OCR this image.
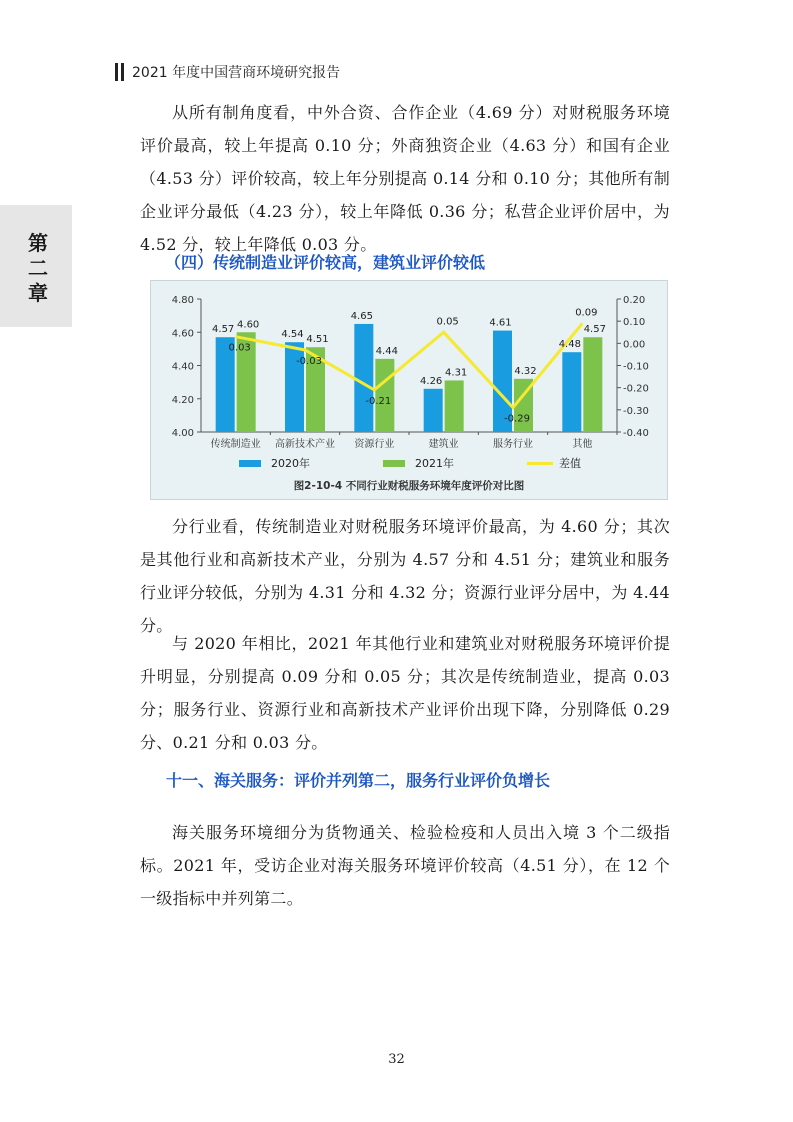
2021 年度中国营商环境研究报告
第二章

从所有制角度看，中外合资、合作企业（4.69 分）对财税服务环境评价最高，较上年提高 0.10 分；外商独资企业（4.63 分）和国有企业（4.53 分）评价较高，较上年分别提高 0.14 分和 0.10 分；其他所有制企业评分最低（4.23 分），较上年降低 0.36 分；私营企业评价居中，为 4.52 分，较上年降低 0.03 分。

（四）传统制造业评价较高，建筑业评价较低
4.80
4.60
4.40
4.20
4.00
0.20
0.10
0.00
-0.10
-0.20
-0.30
-0.40
传统制造业 高新技术产业 资源行业	建筑业	服务行业	其他
4.57 4.60
4.54 4.51
4.65
4.44
4.26
4.31
4.61
4.32
4.48
4.57
0.03
-0.03
-0.21
0.05
-0.29
0.09
2020年	2021年	差值
图2-10-4 不同行业财税服务环境年度评价对比图

分行业看，传统制造业对财税服务环境评价最高，为 4.60 分；其次是其他行业和高新技术产业，分别为 4.57 分和 4.51 分；建筑业和服务行业评分较低，分别为 4.31 分和 4.32 分；资源行业评分居中，为 4.44 分。

与 2020 年相比，2021 年其他行业和建筑业对财税服务环境评价提升明显，分别提高 0.09 分和 0.05 分；其次是传统制造业，提高 0.03 分；服务行业、资源行业和高新技术产业评价出现下降，分别降低 0.29 分、0.21 分和 0.03 分。

十一、海关服务：评价并列第二，服务行业评价负增长

海关服务环境细分为货物通关、检验检疫和人员出入境 3 个二级指标。2021 年，受访企业对海关服务环境评价较高（4.51 分），在 12 个一级指标中并列第二。

32
